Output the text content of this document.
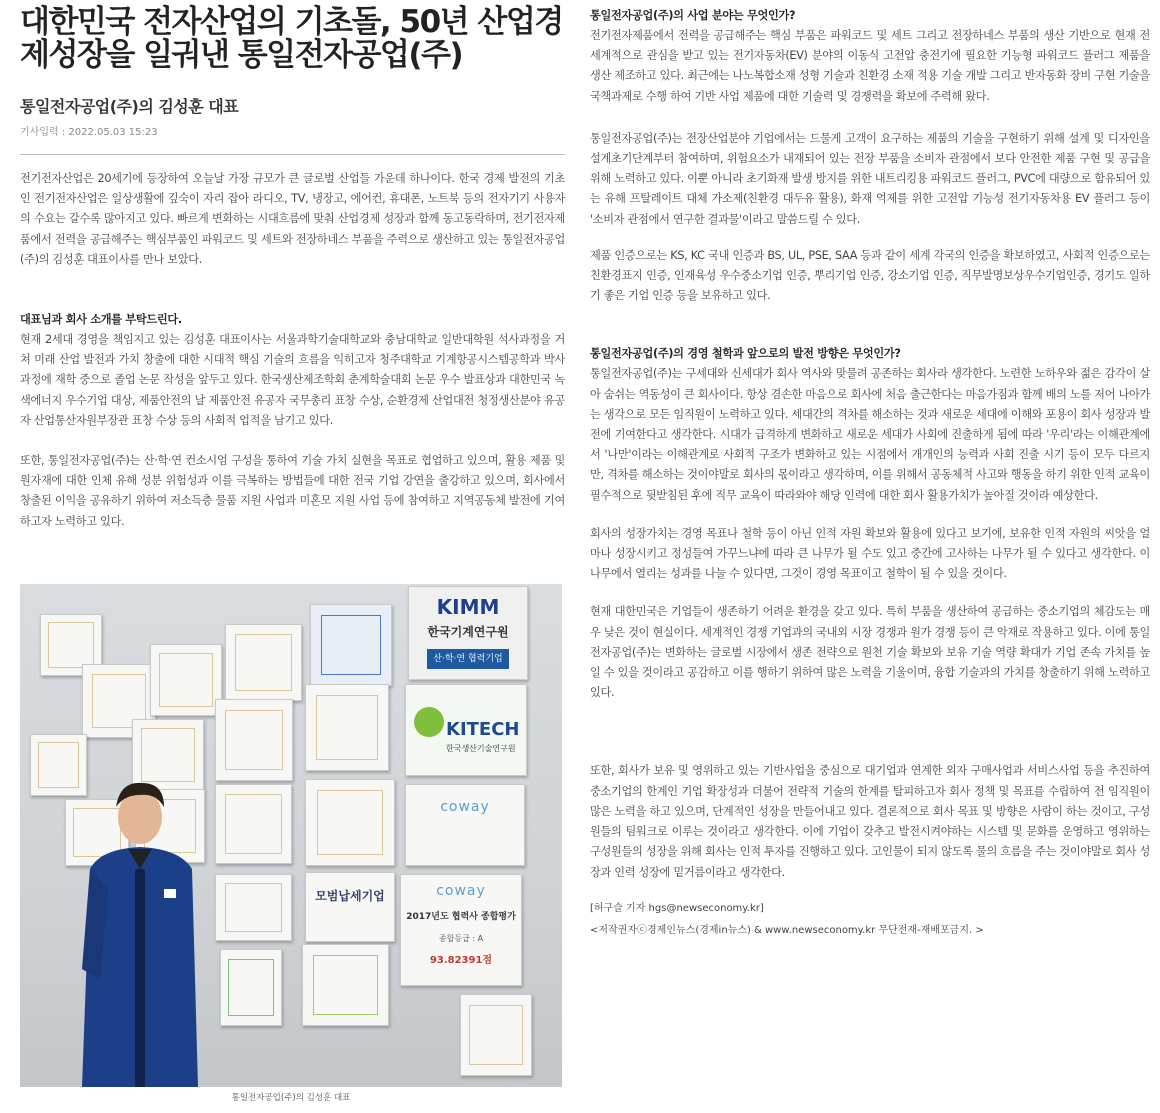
대한민국 전자산업의 기초돌, 50년 산업경
제성장을 일궈낸 통일전자공업(주)
통일전자공업(주)의 김성훈 대표
기사입력 : 2022.05.03 15:23

전기전자산업은 20세기에 등장하여 오늘날 가장 규모가 큰 글로벌 산업들 가운데 하나이다. 한국 경제 발전의 기초인 전기전자산업은 일상생활에 깊숙이 자리 잡아 라디오, TV, 냉장고, 에어컨, 휴대폰, 노트북 등의 전자기기 사용자의 수요는 갈수록 많아지고 있다. 빠르게 변화하는 시대흐름에 맞춰 산업경제 성장과 함께 동고동락하며, 전기전자제품에서 전력을 공급해주는 핵심부품인 파워코드 및 세트와 전장하네스 부품을 주력으로 생산하고 있는 통일전자공업(주)의 김성훈 대표이사를 만나 보았다.

대표님과 회사 소개를 부탁드린다.

현재 2세대 경영을 책임지고 있는 김성훈 대표이사는 서울과학기술대학교와 충남대학교 일반대학원 석사과정을 거쳐 미래 산업 발전과 가치 창출에 대한 시대적 핵심 기술의 흐름을 익히고자 청주대학교 기계항공시스템공학과 박사 과정에 재학 중으로 졸업 논문 작성을 앞두고 있다. 한국생산제조학회 춘계학술대회 논문 우수 발표상과 대한민국 녹색에너지 우수기업 대상, 제품안전의 날 제품안전 유공자 국무총리 표창 수상, 순환경제 산업대전 청정생산분야 유공자 산업통산자원부장관 표창 수상 등의 사회적 업적을 남기고 있다.

또한, 통일전자공업(주)는 산·학·연 컨소시엄 구성을 통하여 기술 가치 실현을 목표로 협업하고 있으며, 활용 제품 및 원자재에 대한 인체 유해 성분 위험성과 이를 극복하는 방법들에 대한 전국 기업 강연을 출강하고 있으며, 회사에서 창출된 이익을 공유하기 위하여 저소득층 물품 지원 사업과 미혼모 지원 사업 등에 참여하고 지역공동체 발전에 기여하고자 노력하고 있다.

KIMM
한국기계연구원
산·학·연 협력기업
KITECH
한국생산기술연구원
coway
모범납세기업	coway
2017년도 협력사 종합평가
종합등급 : A
93.82391점
통일전자공업(주)의 김성훈 대표

통일전자공업(주)의 사업 분야는 무엇인가?

전기전자제품에서 전력을 공급해주는 핵심 부품은 파워코드 및 세트 그리고 전장하네스 부품의 생산 기반으로 현재 전 세계적으로 관심을 받고 있는 전기자동차(EV) 분야의 이동식 고전압 충전기에 필요한 기능형 파워코드 플러그 제품을 생산 제조하고 있다. 최근에는 나노복합소재 성형 기술과 친환경 소재 적용 기술 개발 그리고 반자동화 장비 구현 기술을 국책과제로 수행 하여 기반 사업 제품에 대한 기술력 및 경쟁력을 확보에 주력해 왔다.

통일전자공업(주)는 전장산업분야 기업에서는 드물게 고객이 요구하는 제품의 기술을 구현하기 위해 설계 및 디자인을 설계초기단계부터 참여하며, 위험요소가 내재되어 있는 전장 부품을 소비자 관점에서 보다 안전한 제품 구현 및 공급을 위해 노력하고 있다. 이뿐 아니라 초기화재 발생 방지를 위한 내트리킹용 파워코드 플러그, PVC에 대량으로 함유되어 있는 유해 프탈레이트 대체 가소제(친환경 대두유 활용), 화재 억제를 위한 고전압 기능성 전기자동차용 EV 플러그 등이 '소비자 관점에서 연구한 결과물'이라고 말씀드릴 수 있다.

제품 인증으로는 KS, KC 국내 인증과 BS, UL, PSE, SAA 등과 같이 세계 각국의 인증을 확보하였고, 사회적 인증으로는 친환경표지 인증, 인재육성 우수중소기업 인증, 뿌리기업 인증, 강소기업 인증, 직무발명보상우수기업인증, 경기도 일하기 좋은 기업 인증 등을 보유하고 있다.

통일전자공업(주)의 경영 철학과 앞으로의 발전 방향은 무엇인가?

통일전자공업(주)는 구세대와 신세대가 회사 역사와 맞물려 공존하는 회사라 생각한다. 노련한 노하우와 젊은 감각이 살아 숨쉬는 역동성이 큰 회사이다. 항상 겸손한 마음으로 회사에 처음 출근한다는 마음가짐과 함께 배의 노를 저어 나아가는 생각으로 모든 임직원이 노력하고 있다. 세대간의 격차를 해소하는 것과 새로운 세대에 이해와 포용이 회사 성장과 발전에 기여한다고 생각한다. 시대가 급격하게 변화하고 새로운 세대가 사회에 진출하게 됨에 따라 '우리'라는 이해관계에서 '나만'이라는 이해관계로 사회적 구조가 변화하고 있는 시점에서 개개인의 능력과 사회 진출 시기 등이 모두 다르지만, 격차를 해소하는 것이야말로 회사의 몫이라고 생각하며, 이를 위해서 공동체적 사고와 행동을 하기 위한 인적 교육이 필수적으로 뒷받침된 후에 직무 교육이 따라와야 해당 인력에 대한 회사 활용가치가 높아질 것이라 예상한다.

회사의 성장가치는 경영 목표나 철학 등이 아닌 인적 자원 확보와 활용에 있다고 보기에, 보유한 인적 자원의 씨앗을 얼마나 성장시키고 정성들여 가꾸느냐에 따라 큰 나무가 될 수도 있고 중간에 고사하는 나무가 될 수 있다고 생각한다. 이 나무에서 열리는 성과를 나눌 수 있다면, 그것이 경영 목표이고 철학이 될 수 있을 것이다.

현재 대한민국은 기업들이 생존하기 어려운 환경을 갖고 있다. 특히 부품을 생산하여 공급하는 중소기업의 체감도는 매우 낮은 것이 현실이다. 세계적인 경쟁 기업과의 국내외 시장 경쟁과 원가 경쟁 등이 큰 악재로 작용하고 있다. 이에 통일전자공업(주)는 변화하는 글로벌 시장에서 생존 전략으로 원천 기술 확보와 보유 기술 역량 확대가 기업 존속 가치를 높일 수 있을 것이라고 공감하고 이를 행하기 위하여 많은 노력을 기울이며, 융합 기술과의 가치를 창출하기 위해 노력하고 있다.

또한, 회사가 보유 및 영위하고 있는 기반사업을 중심으로 대기업과 연계한 외자 구매사업과 서비스사업 등을 추진하여 중소기업의 한계인 기업 확장성과 더불어 전략적 기술의 한계를 탈피하고자 회사 정책 및 목표를 수립하여 전 임직원이 많은 노력을 하고 있으며, 단계적인 성장을 만들어내고 있다. 결론적으로 회사 목표 및 방향은 사람이 하는 것이고, 구성원들의 팀워크로 이루는 것이라고 생각한다. 이에 기업이 갖추고 발전시켜야하는 시스템 및 문화를 운영하고 영위하는 구성원들의 성장을 위해 회사는 인적 투자를 진행하고 있다. 고인물이 되지 않도록 물의 흐름을 주는 것이야말로 회사 성장과 인력 성장에 밑거름이라고 생각한다.

[허구슬 기자 hgs@newseconomy.kr]
<저작권자ⓒ경제인뉴스(경제in뉴스) & www.newseconomy.kr 무단전재-재배포금지. >
